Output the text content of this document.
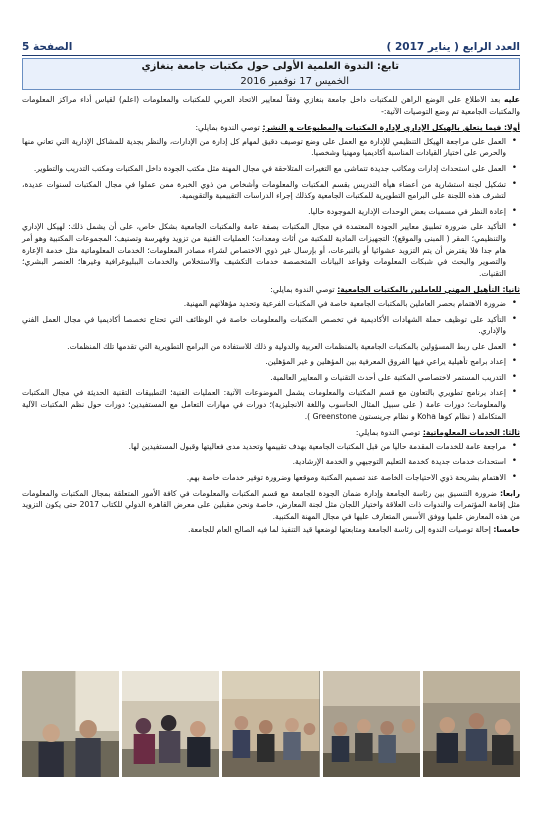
العدد الرابع ( يناير 2017 )
الصفحة 5
تابع: الندوة العلمية الأولى حول مكتبات جامعة بنغازي
الخميس 17 نوفمبر 2016

عليه بعد الاطلاع على الوضع الراهن للمكتبات داخل جامعة بنغازي وفقاً لمعايير الاتحاد العربي للمكتبات والمعلومات (اعلم) لقياس أداء مراكز المعلومات والمكتبات الجامعية تم وضع التوصيات الآتية:-

أولا: فيما يتعلق بالهيكل الإداري لإدارة المكتبات والمطبوعات و النشر: توصي الندوة بمايلي:
• العمل على مراجعة الهيكل التنظيمي للإدارة مع العمل على وضع توصيف دقيق لمهام كل إدارة من الإدارات، والنظر بجدية للمشاكل الإدارية التي تعاني منها والحرص على اختيار القيادات المناسبة أكاديميا ومهنيا وشخصيا.
• العمل على استحداث إدارات ومكاتب جديدة تتماشى مع التغيرات المتلاحقة في مجال المهنة مثل مكتب الجودة داخل المكتبات ومكتب التدريب والتطوير.
• تشكيل لجنة استشارية من أعضاء هيأة التدريس بقسم المكتبات والمعلومات وأشخاص من ذوي الخبرة ممن عملوا في مجال المكتبات لسنوات عديدة، لتشرف هذه اللجنة على البرامج التطويرية للمكتبات الجامعية وكذلك إجراء الدراسات التقييمية والتقويمية.
• إعادة النظر في مسميات بعض الوحدات الإدارية الموجودة حاليا.
• التأكيد على ضرورة تطبيق معايير الجودة المعتمدة في مجال المكتبات بصفة عامة والمكتبات الجامعية بشكل خاص، على أن يشمل ذلك: لهيكل الإداري والتنظيمي؛ المقر ( المبنى والموقع)؛ التجهيزات المادية للمكتبة من أثاث ومعدات؛ العمليات الفنية من تزويد وفهرسة وتصنيف؛ المجموعات المكتبية وهو أمر هام جدا فلا يفترض أن يتم التزويد عشوائيا أو بالتبرعات، أو بإرسال غير ذوي الاختصاص لشراء مصادر المعلومات؛ الخدمات المعلوماتية مثل خدمة الإعارة والتصوير والبحث في شبكات المعلومات وقواعد البيانات المتخصصة خدمات التكشيف والاستخلاص والخدمات الببليوغرافية وغيرها؛ العنصر البشري؛ التقنيات.
ثانيا: التأهيل المهني للعاملين بالمكتبات الجامعية: توصي الندوة بمايلي:
• ضرورة الاهتمام بحصر العاملين بالمكتبات الجامعية خاصة في المكتبات الفرعية وتحديد مؤهلاتهم المهنية.
• التأكيد على توظيف حملة الشهادات الأكاديمية في تخصص المكتبات والمعلومات خاصة في الوظائف التي تحتاج تخصصا أكاديميا في مجال العمل الفني والإداري.
• العمل على ربط المسؤولين بالمكتبات الجامعية بالمنظمات العربية والدولية و ذلك للاستفادة من البرامج التطويرية التي تقدمها تلك المنظمات.
• إعداد برامج تأهيلية يراعي فيها الفروق المعرفية بين المؤهلين و غير المؤهلين.
• التدريب المستمر لاختصاصي المكتبة على أحدث التقنيات و المعايير العالمية.
• إعداد برنامج تطويري بالتعاون مع قسم المكتبات والمعلومات يشمل الموضوعات الآتية: العمليات الفنية؛ التطبيقات التقنية الحديثة في مجال المكتبات والمعلومات؛ دورات عامة ( على سبيل المثال الحاسوب واللغة الانجليزية)؛ دورات في مهارات التعامل مع المستفيدين؛ دورات حول نظم المكتبات الآلية المتكاملة ( نظام كوها Koha و نظام جرينستون Greenstone ).
ثالثا: الخدمات المعلوماتية: توصي الندوة بمايلي:
• مراجعة عامة للخدمات المقدمة حاليا من قبل المكتبات الجامعية بهدف تقييمها وتحديد مدى فعاليتها وقبول المستفيدين لها.
• استحداث خدمات جديدة كخدمة التعليم التوجيهي و الخدمة الإرشادية.
• الاهتمام بشريحة ذوي الاحتياجات الخاصة عند تصميم المكتبة وموقعها وضرورة توفير خدمات خاصة بهم.

رابعا: ضرورة التنسيق بين رئاسة الجامعة وإدارة ضمان الجودة للجامعة مع قسم المكتبات والمعلومات في كافة الأمور المتعلقة بمجال المكتبات والمعلومات مثل إقامة المؤتمرات والندوات ذات العلاقة واختيار اللجان مثل لجنة المعارض، خاصة ونحن مقبلين على معرض القاهرة الدولي للكتاب 2017 حتى يكون التزويد من هذه المعارض علميا ووفق الأسس المتعارف عليها في مجال المهنة المكتبية.

خامسا: إحالة توصيات الندوة إلى رئاسة الجامعة ومتابعتها لوضعها قيد التنفيذ لما فيه الصالح العام للجامعة.
